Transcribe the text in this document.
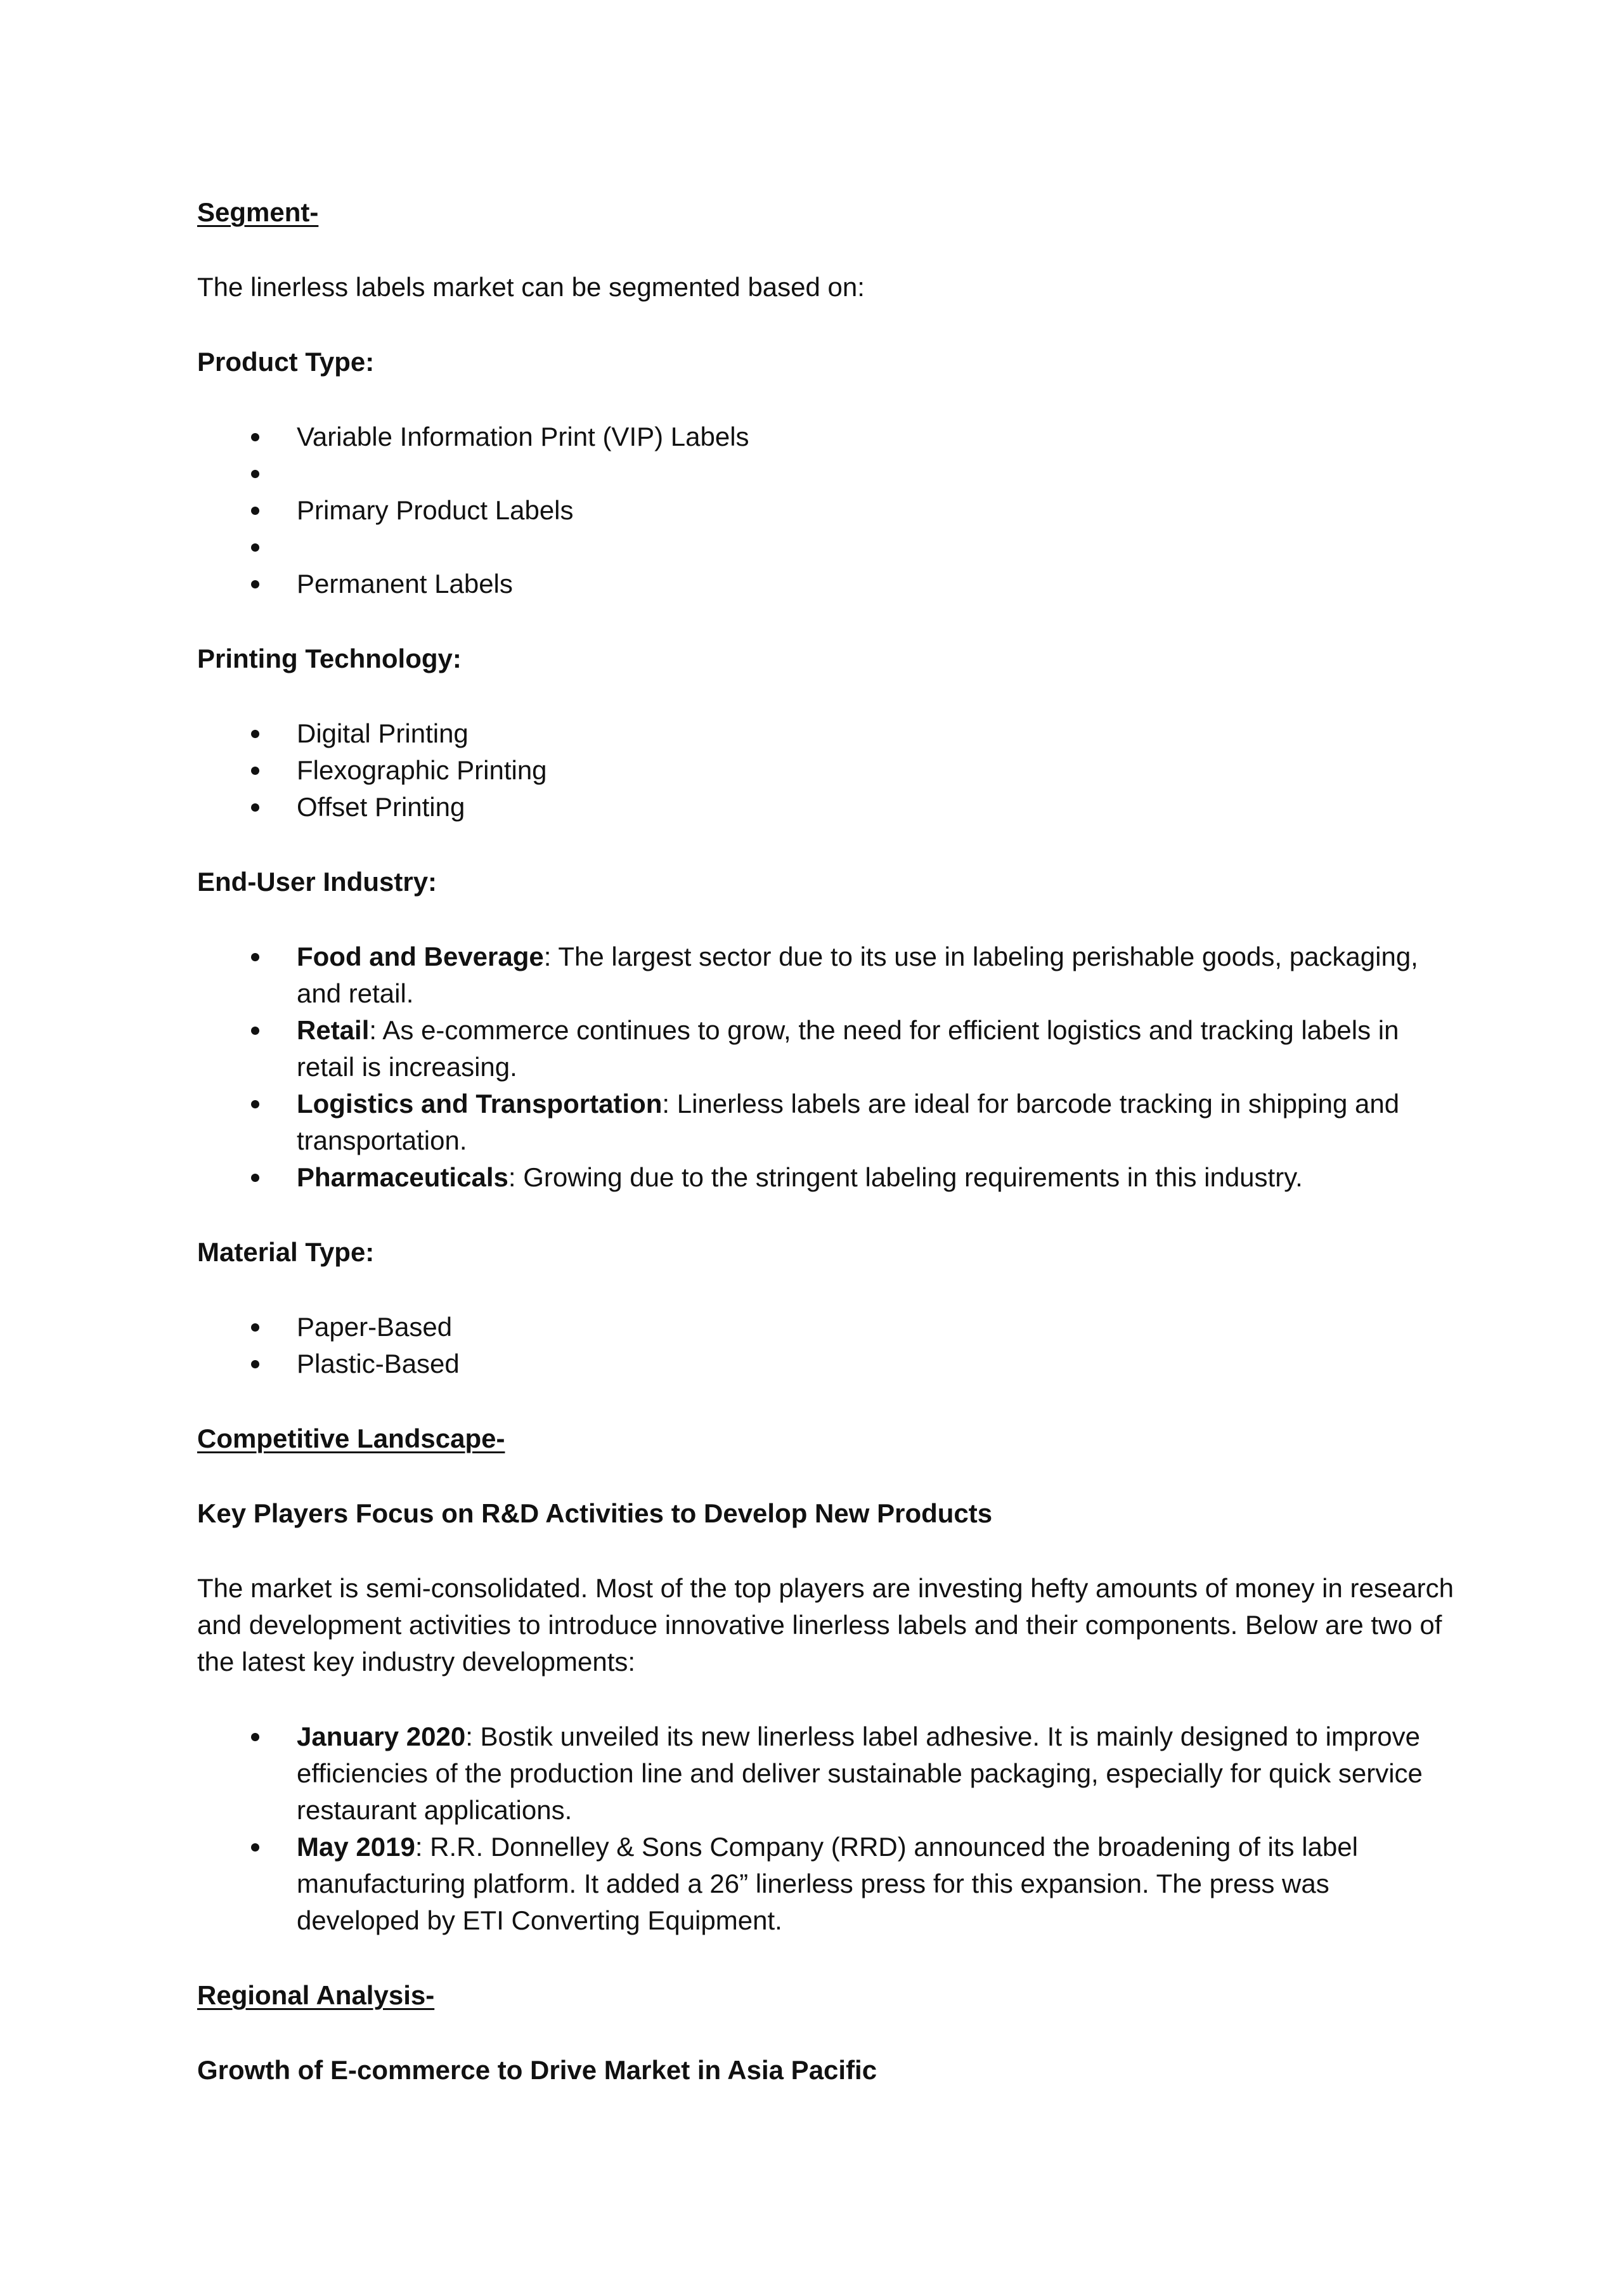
Segment-

The linerless labels market can be segmented based on:

Product Type:

Variable Information Print (VIP) Labels
Primary Product Labels
Permanent Labels

Printing Technology:

Digital Printing
Flexographic Printing
Offset Printing

End-User Industry:

Food and Beverage: The largest sector due to its use in labeling perishable goods, packaging, and retail.
Retail: As e-commerce continues to grow, the need for efficient logistics and tracking labels in retail is increasing.
Logistics and Transportation: Linerless labels are ideal for barcode tracking in shipping and transportation.
Pharmaceuticals: Growing due to the stringent labeling requirements in this industry.

Material Type:

Paper-Based
Plastic-Based

Competitive Landscape-

Key Players Focus on R&D Activities to Develop New Products

The market is semi-consolidated. Most of the top players are investing hefty amounts of money in research and development activities to introduce innovative linerless labels and their components. Below are two of the latest key industry developments:

January 2020: Bostik unveiled its new linerless label adhesive. It is mainly designed to improve efficiencies of the production line and deliver sustainable packaging, especially for quick service restaurant applications.
May 2019: R.R. Donnelley & Sons Company (RRD) announced the broadening of its label manufacturing platform. It added a 26” linerless press for this expansion. The press was developed by ETI Converting Equipment.

Regional Analysis-

Growth of E-commerce to Drive Market in Asia Pacific
